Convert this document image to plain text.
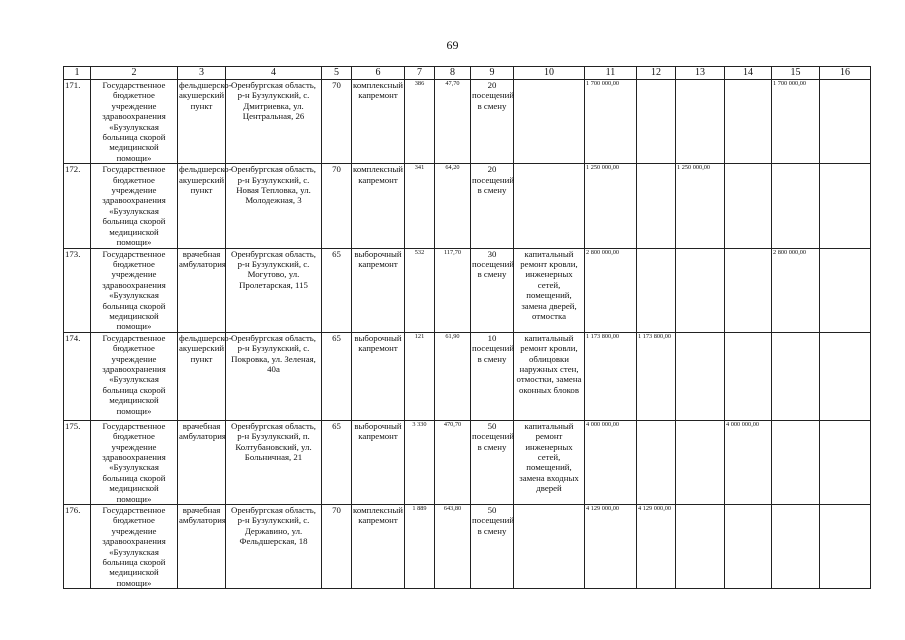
69
1	2	3	4	5	6	7	8	9	10	11	12	13	14	15	16
171.	Государственное бюджетное учреждение здравоохранения «Бузулукская больница скорой медицинской помощи»	фельдшерско-акушерский пункт	Оренбургская область, р-н Бузулукский, с. Дмитриевка, ул. Центральная, 26	70	комплексный капремонт	386	47,70	20 посещений в смену		1 700 000,00				1 700 000,00	
172.	Государственное бюджетное учреждение здравоохранения «Бузулукская больница скорой медицинской помощи»	фельдшерско-акушерский пункт	Оренбургская область, р-н Бузулукский, с. Новая Тепловка, ул. Молодежная, 3	70	комплексный капремонт	341	64,20	20 посещений в смену		1 250 000,00		1 250 000,00			
173.	Государственное бюджетное учреждение здравоохранения «Бузулукская больница скорой медицинской помощи»	врачебная амбулатория	Оренбургская область, р-н Бузулукский, с. Могутово, ул. Пролетарская, 115	65	выборочный капремонт	532	117,70	30 посещений в смену	капитальный ремонт кровли, инженерных сетей, помещений, замена дверей, отмостка	2 800 000,00				2 800 000,00	
174.	Государственное бюджетное учреждение здравоохранения «Бузулукская больница скорой медицинской помощи»	фельдшерско-акушерский пункт	Оренбургская область, р-н Бузулукский, с. Покровка, ул. Зеленая, 40а	65	выборочный капремонт	121	61,90	10 посещений в смену	капитальный ремонт кровли, облицовки наружных стен, отмостки, замена оконных блоков	1 173 800,00	1 173 800,00				
175.	Государственное бюджетное учреждение здравоохранения «Бузулукская больница скорой медицинской помощи»	врачебная амбулатория	Оренбургская область, р-н Бузулукский, п. Колтубановский, ул. Больничная, 21	65	выборочный капремонт	3 330	470,70	50 посещений в смену	капитальный ремонт инженерных сетей, помещений, замена входных дверей	4 000 000,00			4 000 000,00		
176.	Государственное бюджетное учреждение здравоохранения «Бузулукская больница скорой медицинской помощи»	врачебная амбулатория	Оренбургская область, р-н Бузулукский, с. Державино, ул. Фельдшерская, 18	70	комплексный капремонт	1 889	643,80	50 посещений в смену		4 129 000,00	4 129 000,00				
